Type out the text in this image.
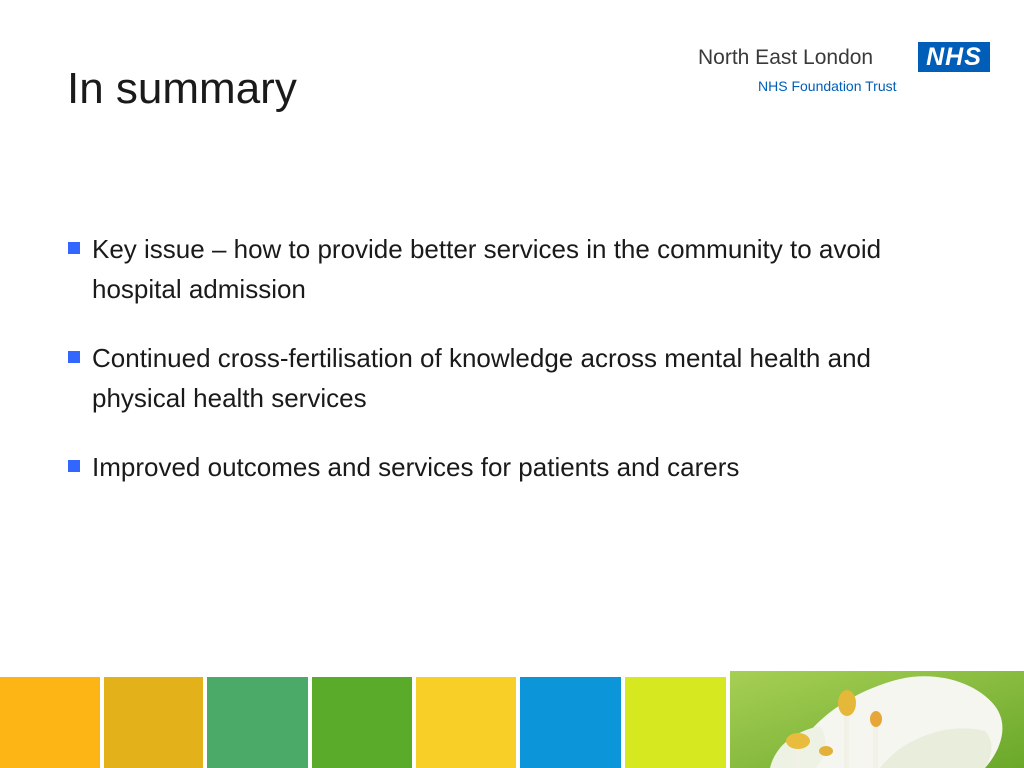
In summary
North East London	NHS
NHS Foundation Trust
Key issue – how to provide better services in the community to avoid hospital admission
Continued cross-fertilisation of knowledge across mental health and physical health services
Improved outcomes and services for patients and carers
